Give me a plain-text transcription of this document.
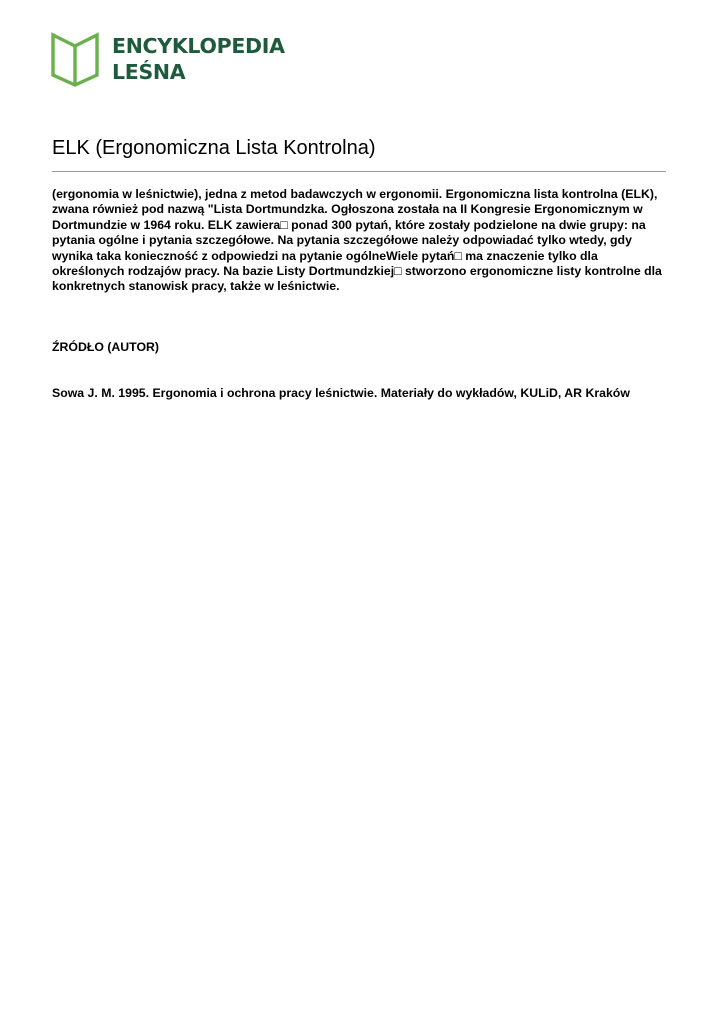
ENCYKLOPEDIA
LEŚNA
ELK (Ergonomiczna Lista Kontrolna)

(ergonomia w leśnictwie), jedna z metod badawczych w ergonomii. Ergonomiczna lista kontrolna (ELK), zwana również pod nazwą "Lista Dortmundzka. Ogłoszona została na II Kongresie Ergonomicznym w Dortmundzie w 1964 roku. ELK zawiera□ ponad 300 pytań, które zostały podzielone na dwie grupy: na pytania ogólne i pytania szczegółowe. Na pytania szczegółowe należy odpowiadać tylko wtedy, gdy wynika taka konieczność z odpowiedzi na pytanie ogólneWiele pytań□ ma znaczenie tylko dla określonych rodzajów pracy. Na bazie Listy Dortmundzkiej□ stworzono ergonomiczne listy kontrolne dla konkretnych stanowisk pracy, także w leśnictwie.

ŹRÓDŁO (AUTOR)

Sowa J. M. 1995. Ergonomia i ochrona pracy leśnictwie. Materiały do wykładów, KULiD, AR Kraków
